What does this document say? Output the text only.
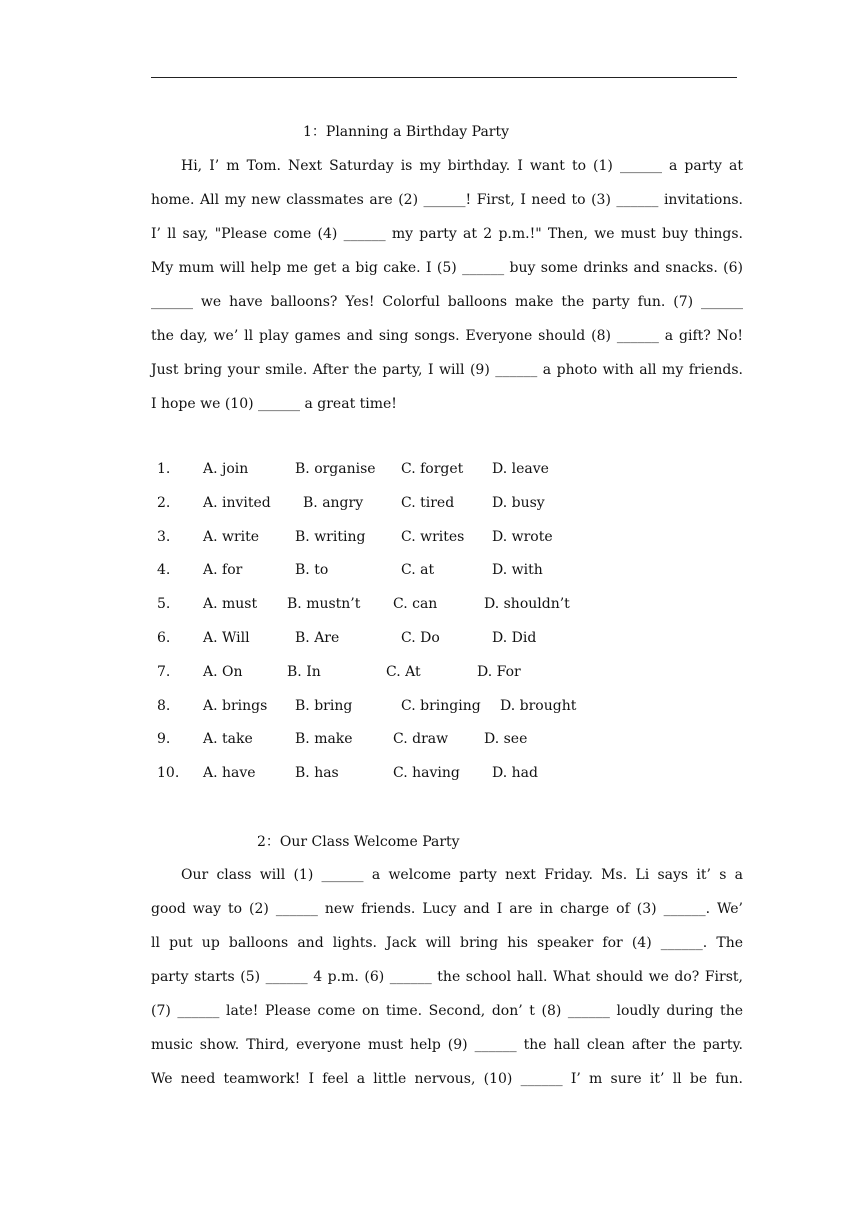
1：Planning a Birthday Party
Hi, I’ m Tom. Next Saturday is my birthday. I want to (1) ______ a party at
home. All my new classmates are (2) ______! First, I need to (3) ______ invitations.
I’ ll say, "Please come (4) ______ my party at 2 p.m.!" Then, we must buy things.
My mum will help me get a big cake. I (5) ______ buy some drinks and snacks. (6)
______ we have balloons? Yes! Colorful balloons make the party fun. (7) ______
the day, we’ ll play games and sing songs. Everyone should (8) ______ a gift? No!
Just bring your smile. After the party, I will (9) ______ a photo with all my friends.
I hope we (10) ______ a great time!
1. A. join	B. organise C. forget D. leave
2. A. invited B. angry	C. tired	D. busy
3. A. write	B. writing	C. writes D. wrote
4. A. for	B. to	C. at	D. with
5. A. must B. mustn’t C. can	D. shouldn’t
6. A. Will	B. Are	C. Do	D. Did
7. A. On	B. In	C. At	D. For
8. A. brings B. bring	C. bringing D. brought
9. A. take	B. make	C. draw	D. see
10. A. have	B. has	C. having D. had
2：Our Class Welcome Party
Our class will (1) ______ a welcome party next Friday. Ms. Li says it’ s a
good way to (2) ______ new friends. Lucy and I are in charge of (3) ______. We’
ll put up balloons and lights. Jack will bring his speaker for (4) ______. The
party starts (5) ______ 4 p.m. (6) ______ the school hall. What should we do? First,
(7) ______ late! Please come on time. Second, don’ t (8) ______ loudly during the
music show. Third, everyone must help (9) ______ the hall clean after the party.
We need teamwork! I feel a little nervous, (10) ______ I’ m sure it’ ll be fun.
